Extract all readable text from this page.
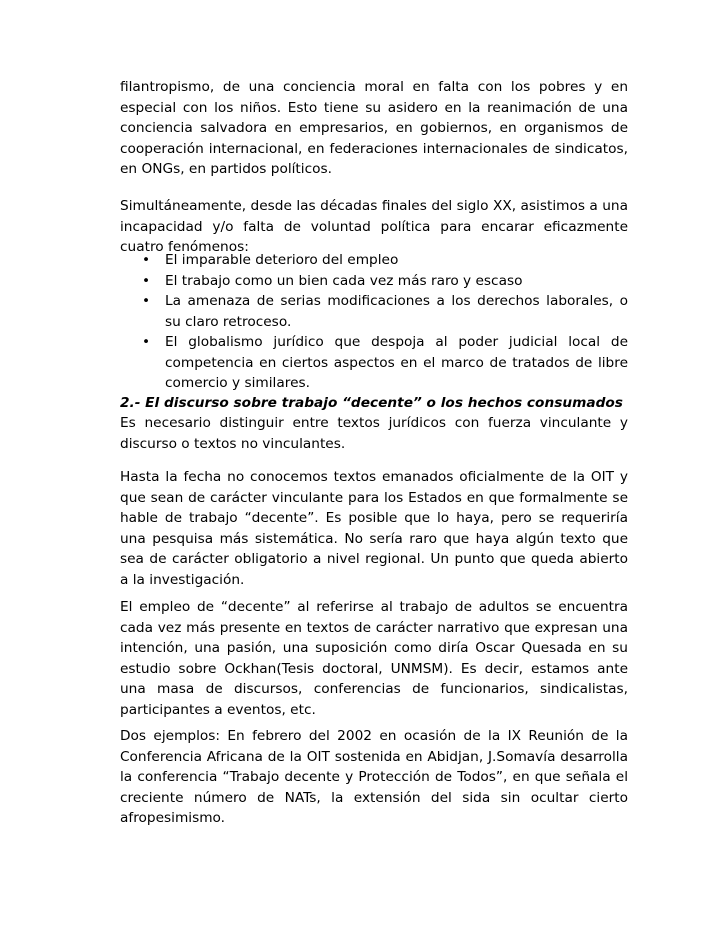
filantropismo, de una conciencia moral en falta con los pobres y en especial con los niños. Esto tiene su asidero en la reanimación de una conciencia salvadora en empresarios, en gobiernos, en organismos de cooperación internacional, en federaciones internacionales de sindicatos, en ONGs, en partidos políticos.

Simultáneamente, desde las décadas finales del siglo XX, asistimos a una incapacidad y/o falta de voluntad política para encarar eficazmente cuatro fenómenos:

• El imparable deterioro del empleo
• El trabajo como un bien cada vez más raro y escaso
• La amenaza de serias modificaciones a los derechos laborales, o su claro retroceso.
• El globalismo jurídico que despoja al poder judicial local de competencia en ciertos aspectos en el marco de tratados de libre comercio y similares.
2.- El discurso sobre trabajo “decente” o los hechos consumados

Es necesario distinguir entre textos jurídicos con fuerza vinculante y discurso o textos no vinculantes.

Hasta la fecha no conocemos textos emanados oficialmente de la OIT y que sean de carácter vinculante para los Estados en que formalmente se hable de trabajo “decente”. Es posible que lo haya, pero se requeriría una pesquisa más sistemática. No sería raro que haya algún texto que sea de carácter obligatorio a nivel regional. Un punto que queda abierto a la investigación.

El empleo de “decente” al referirse al trabajo de adultos se encuentra cada vez más presente en textos de carácter narrativo que expresan una intención, una pasión, una suposición como diría Oscar Quesada en su estudio sobre Ockhan(Tesis doctoral, UNMSM). Es decir, estamos ante una masa de discursos, conferencias de funcionarios, sindicalistas, participantes a eventos, etc.

Dos ejemplos: En febrero del 2002 en ocasión de la IX Reunión de la Conferencia Africana de la OIT sostenida en Abidjan, J.Somavía desarrolla la conferencia “Trabajo decente y Protección de Todos”, en que señala el creciente número de NATs, la extensión del sida sin ocultar cierto afropesimismo.
